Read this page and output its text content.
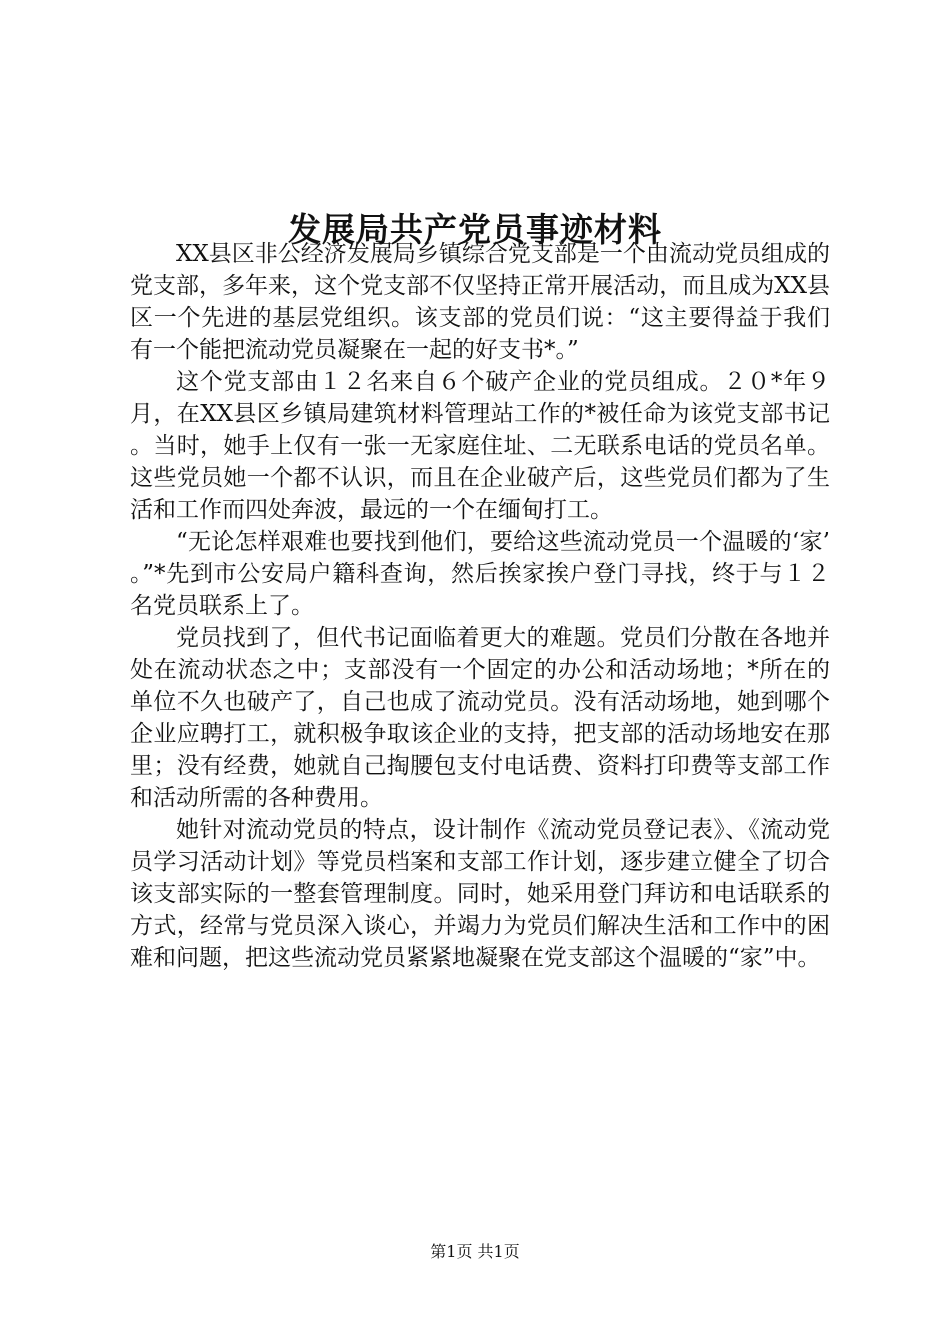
发展局共产党员事迹材料

XX县区非公经济发展局乡镇综合党支部是一个由流动党员组成的党支部，多年来，这个党支部不仅坚持正常开展活动，而且成为XX县区一个先进的基层党组织。该支部的党员们说：“这主要得益于我们有一个能把流动党员凝聚在一起的好支书*。”

这个党支部由１２名来自６个破产企业的党员组成。２０*年９月，在XX县区乡镇局建筑材料管理站工作的*被任命为该党支部书记。当时，她手上仅有一张一无家庭住址、二无联系电话的党员名单。这些党员她一个都不认识，而且在企业破产后，这些党员们都为了生活和工作而四处奔波，最远的一个在缅甸打工。

“无论怎样艰难也要找到他们，要给这些流动党员一个温暖的‘家’。”*先到市公安局户籍科查询，然后挨家挨户登门寻找，终于与１２名党员联系上了。

党员找到了，但代书记面临着更大的难题。党员们分散在各地并处在流动状态之中；支部没有一个固定的办公和活动场地；*所在的单位不久也破产了，自己也成了流动党员。没有活动场地，她到哪个企业应聘打工，就积极争取该企业的支持，把支部的活动场地安在那里；没有经费，她就自己掏腰包支付电话费、资料打印费等支部工作和活动所需的各种费用。

她针对流动党员的特点，设计制作《流动党员登记表》、《流动党员学习活动计划》等党员档案和支部工作计划，逐步建立健全了切合该支部实际的一整套管理制度。同时，她采用登门拜访和电话联系的方式，经常与党员深入谈心，并竭力为党员们解决生活和工作中的困难和问题，把这些流动党员紧紧地凝聚在党支部这个温暖的“家”中。

第1页 共1页
